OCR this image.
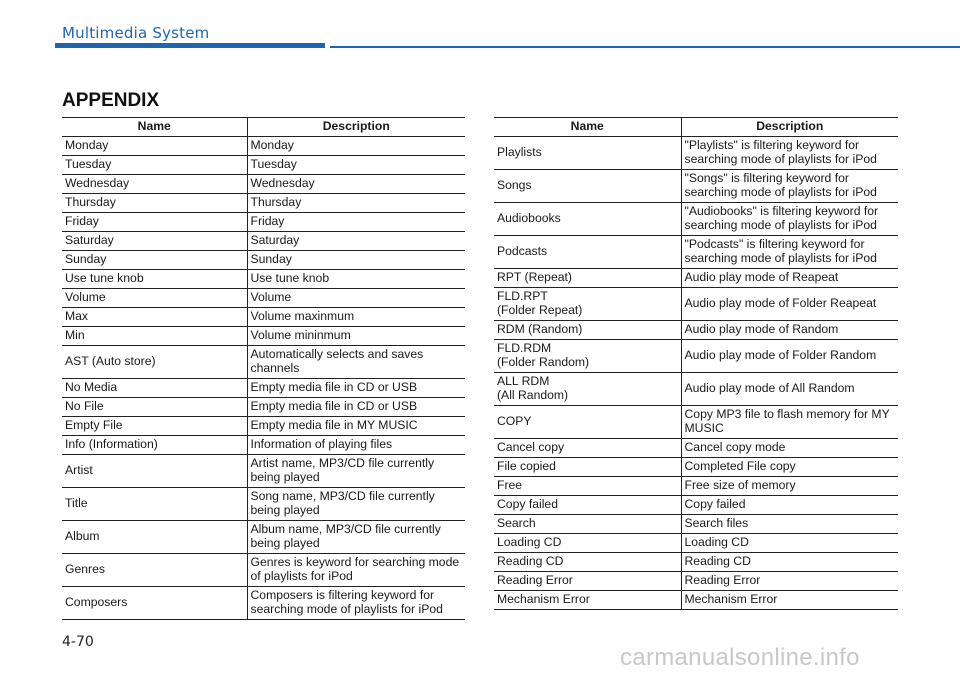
Multimedia System
APPENDIX
Name	Description
Monday	Monday
Tuesday	Tuesday
Wednesday	Wednesday
Thursday	Thursday
Friday	Friday
Saturday	Saturday
Sunday	Sunday
Use tune knob	Use tune knob
Volume	Volume
Max	Volume maxinmum
Min	Volume mininmum
AST (Auto store)	Automatically selects and saves channels
No Media	Empty media file in CD or USB
No File	Empty media file in CD or USB
Empty File	Empty media file in MY MUSIC
Info (Information)	Information of playing files
Artist	Artist name, MP3/CD file currently being played
Title	Song name, MP3/CD file currently being played
Album	Album name, MP3/CD file currently being played
Genres	Genres is keyword for searching mode of playlists for iPod
Composers	Composers is filtering keyword for searching mode of playlists for iPod
Name	Description
Playlists	"Playlists" is filtering keyword for searching mode of playlists for iPod
Songs	"Songs" is filtering keyword for searching mode of playlists for iPod
Audiobooks	"Audiobooks" is filtering keyword for searching mode of playlists for iPod
Podcasts	"Podcasts" is filtering keyword for searching mode of playlists for iPod
RPT (Repeat)	Audio play mode of Reapeat
FLD.RPT
(Folder Repeat)	Audio play mode of Folder Reapeat
RDM (Random)	Audio play mode of Random
FLD.RDM
(Folder Random)	Audio play mode of Folder Random
ALL RDM
(All Random)	Audio play mode of All Random
COPY	Copy MP3 file to flash memory for MY MUSIC
Cancel copy	Cancel copy mode
File copied	Completed File copy
Free	Free size of memory
Copy failed	Copy failed
Search	Search files
Loading CD	Loading CD
Reading CD	Reading CD
Reading Error	Reading Error
Mechanism Error	Mechanism Error
4-70
carmanualsonline.info
